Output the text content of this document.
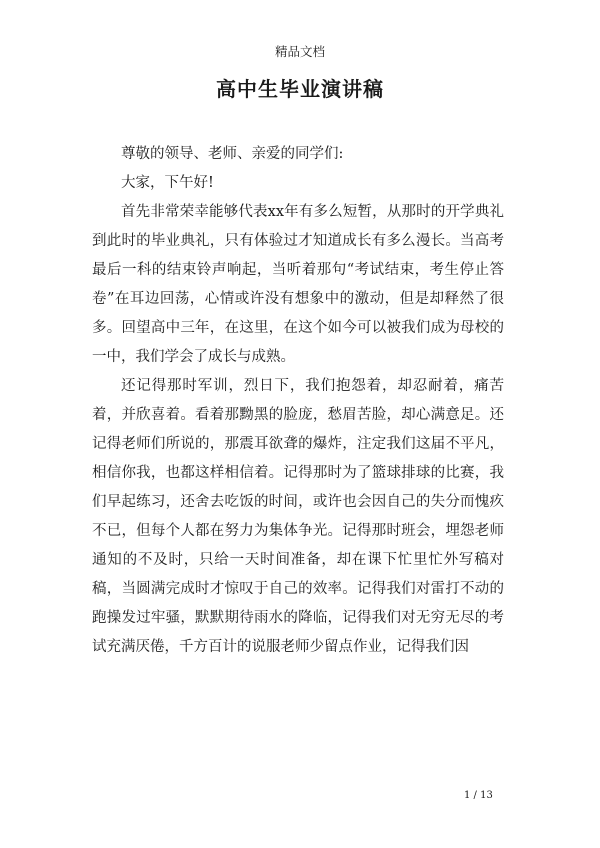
精品文档
高中生毕业演讲稿

尊敬的领导、老师、亲爱的同学们:

大家，下午好!

首先非常荣幸能够代表xx年有多么短暂，从那时的开学典礼到此时的毕业典礼，只有体验过才知道成长有多么漫长。当高考最后一科的结束铃声响起，当听着那句“考试结束，考生停止答卷”在耳边回荡，心情或许没有想象中的激动，但是却释然了很多。回望高中三年，在这里，在这个如今可以被我们成为母校的一中，我们学会了成长与成熟。

还记得那时军训，烈日下，我们抱怨着，却忍耐着，痛苦着，并欣喜着。看着那黝黑的脸庞，愁眉苦脸，却心满意足。还记得老师们所说的，那震耳欲聋的爆炸，注定我们这届不平凡，相信你我，也都这样相信着。记得那时为了篮球排球的比赛，我们早起练习，还舍去吃饭的时间，或许也会因自己的失分而愧疚不已，但每个人都在努力为集体争光。记得那时班会，埋怨老师通知的不及时，只给一天时间准备，却在课下忙里忙外写稿对稿，当圆满完成时才惊叹于自己的效率。记得我们对雷打不动的跑操发过牢骚，默默期待雨水的降临，记得我们对无穷无尽的考试充满厌倦，千方百计的说服老师少留点作业，记得我们因

1 / 13
